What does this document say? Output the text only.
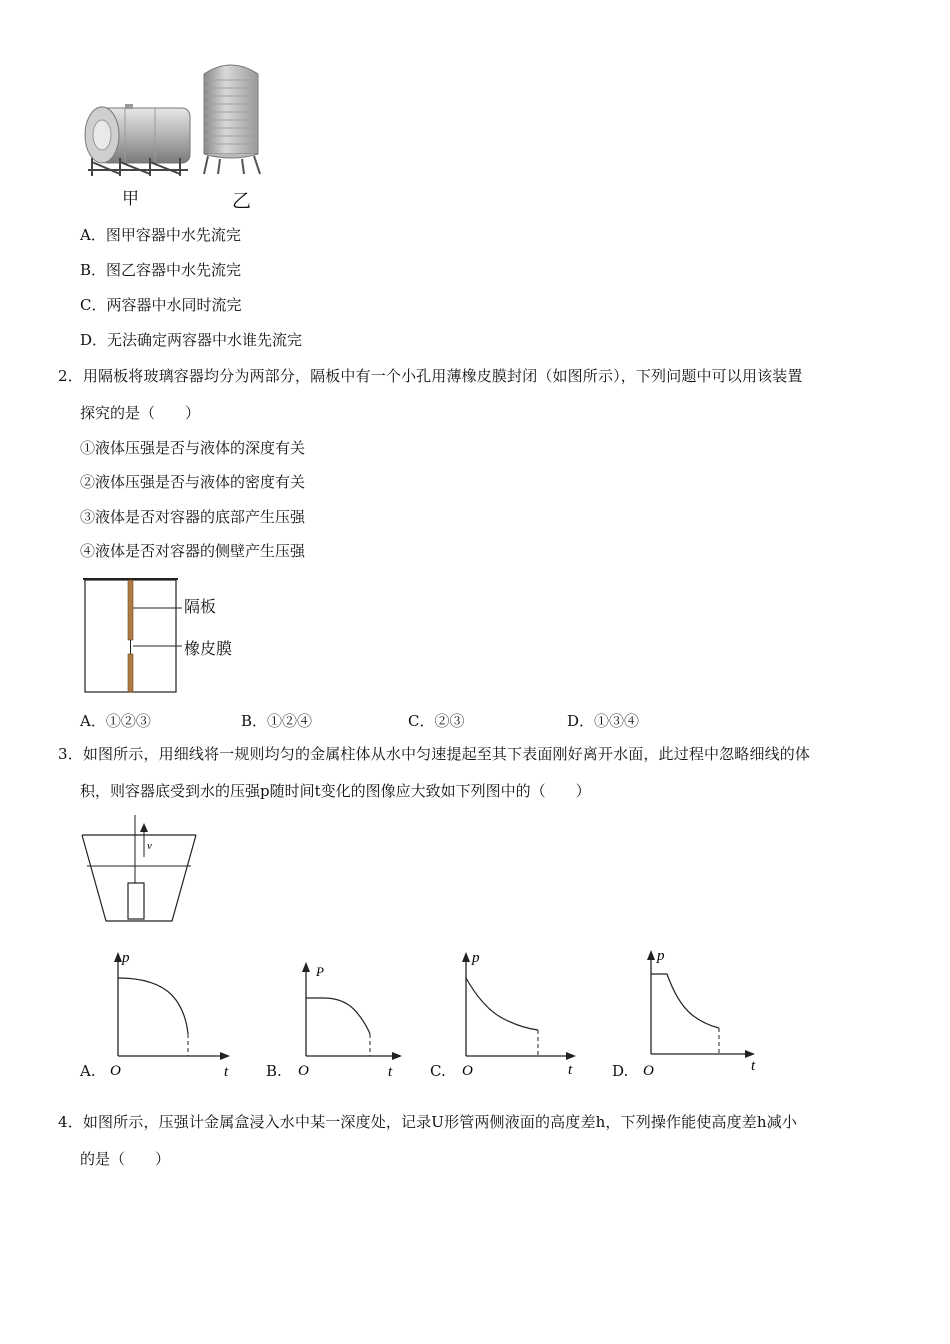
甲	乙
A．图甲容器中水先流完
B．图乙容器中水先流完
C．两容器中水同时流完
D．无法确定两容器中水谁先流完
2．用隔板将玻璃容器均分为两部分，隔板中有一个小孔用薄橡皮膜封闭（如图所示），下列问题中可以用该装置
探究的是（　　）
①液体压强是否与液体的深度有关
②液体压强是否与液体的密度有关
③液体是否对容器的底部产生压强
④液体是否对容器的侧壁产生压强
隔板
橡皮膜
A．①②③	B．①②④	C．②③	D．①③④
3．如图所示，用细线将一规则均匀的金属柱体从水中匀速提起至其下表面刚好离开水面，此过程中忽略细线的体
积，则容器底受到水的压强p随时间t变化的图像应大致如下列图中的（　　）
v
p
t
O
A.
P
t
O
B.
p
t
O
C.
p
t
O
D.
4．如图所示，压强计金属盒浸入水中某一深度处，记录U形管两侧液面的高度差h，下列操作能使高度差h减小
的是（　　）
